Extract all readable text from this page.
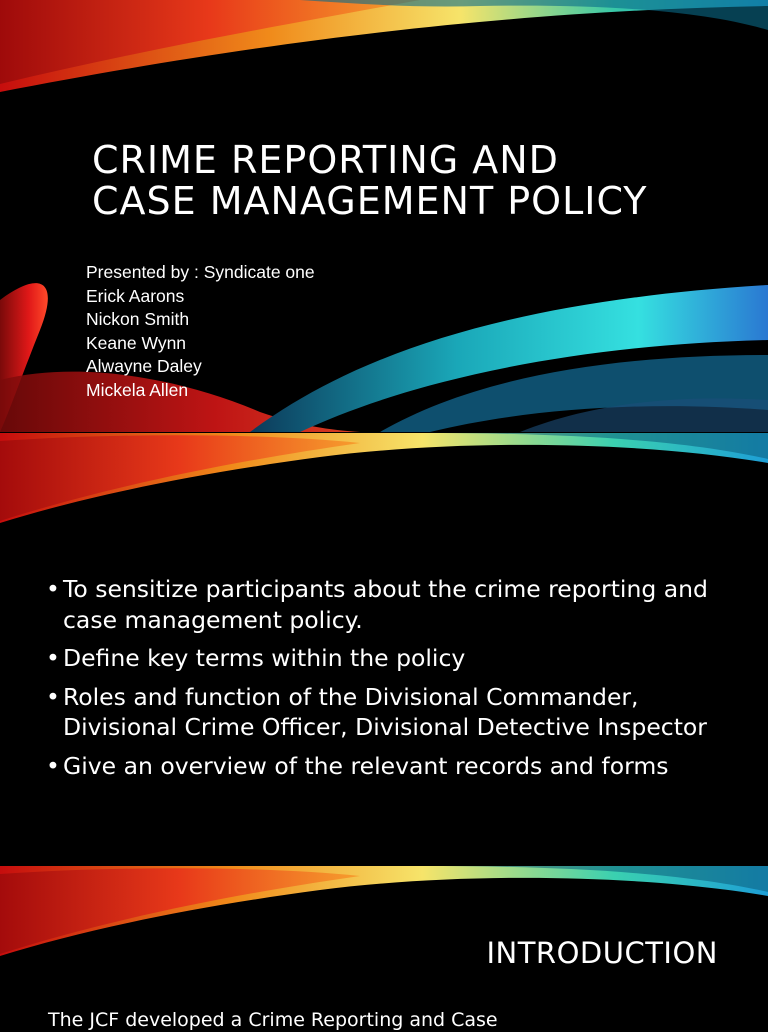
CRIME REPORTING AND
CASE MANAGEMENT POLICY
Presented by : Syndicate one
Erick Aarons
Nickon Smith
Keane Wynn
Alwayne Daley
Mickela Allen
• To sensitize participants about the crime reporting and case management policy.
• Define key terms within the policy
• Roles and function of the Divisional Commander, Divisional Crime Officer, Divisional Detective Inspector
• Give an overview of the relevant records and forms
INTRODUCTION
The JCF developed a Crime Reporting and Case
